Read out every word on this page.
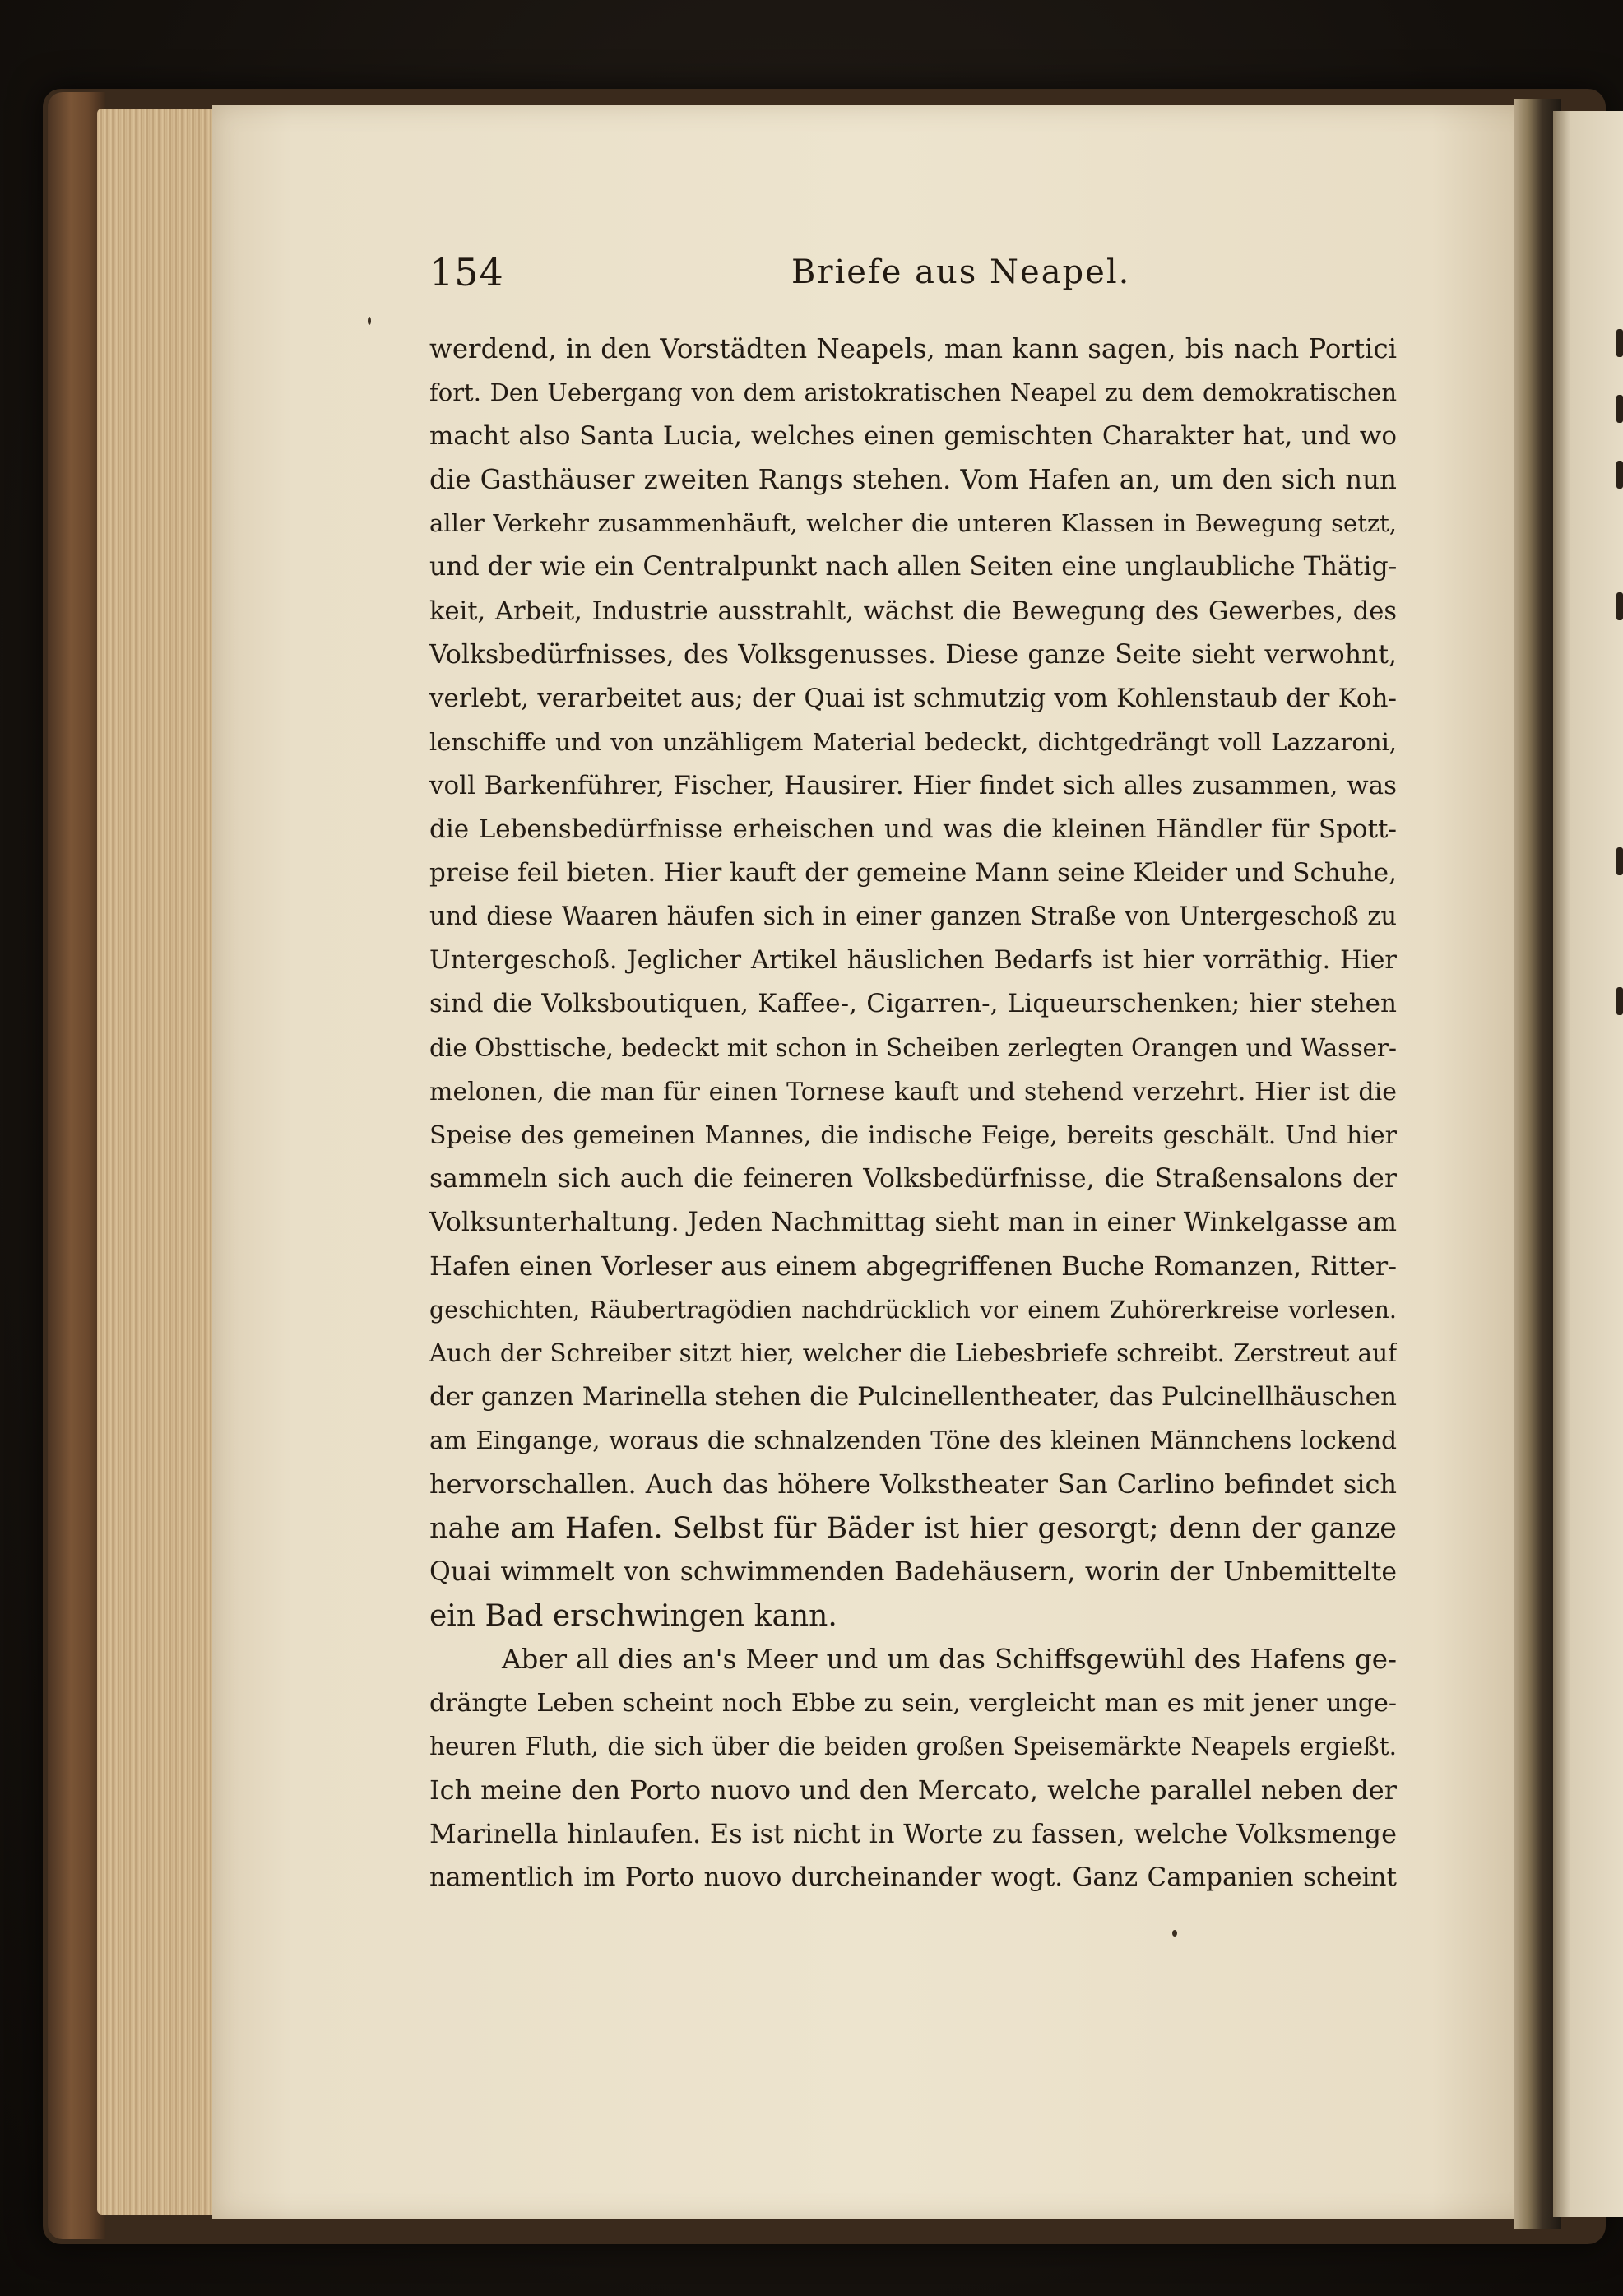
154	Briefe aus Neapel.
werdend, in den Vorstädten Neapels, man kann sagen, bis nach Portici
fort. Den Uebergang von dem aristokratischen Neapel zu dem demokratischen
macht also Santa Lucia, welches einen gemischten Charakter hat, und wo
die Gasthäuser zweiten Rangs stehen. Vom Hafen an, um den sich nun
aller Verkehr zusammenhäuft, welcher die unteren Klassen in Bewegung setzt,
und der wie ein Centralpunkt nach allen Seiten eine unglaubliche Thätig-
keit, Arbeit, Industrie ausstrahlt, wächst die Bewegung des Gewerbes, des
Volksbedürfnisses, des Volksgenusses. Diese ganze Seite sieht verwohnt,
verlebt, verarbeitet aus; der Quai ist schmutzig vom Kohlenstaub der Koh-
lenschiffe und von unzähligem Material bedeckt, dichtgedrängt voll Lazzaroni,
voll Barkenführer, Fischer, Hausirer. Hier findet sich alles zusammen, was
die Lebensbedürfnisse erheischen und was die kleinen Händler für Spott-
preise feil bieten. Hier kauft der gemeine Mann seine Kleider und Schuhe,
und diese Waaren häufen sich in einer ganzen Straße von Untergeschoß zu
Untergeschoß. Jeglicher Artikel häuslichen Bedarfs ist hier vorräthig. Hier
sind die Volksboutiquen, Kaffee-, Cigarren-, Liqueurschenken; hier stehen
die Obsttische, bedeckt mit schon in Scheiben zerlegten Orangen und Wasser-
melonen, die man für einen Tornese kauft und stehend verzehrt. Hier ist die
Speise des gemeinen Mannes, die indische Feige, bereits geschält. Und hier
sammeln sich auch die feineren Volksbedürfnisse, die Straßensalons der
Volksunterhaltung. Jeden Nachmittag sieht man in einer Winkelgasse am
Hafen einen Vorleser aus einem abgegriffenen Buche Romanzen, Ritter-
geschichten, Räubertragödien nachdrücklich vor einem Zuhörerkreise vorlesen.
Auch der Schreiber sitzt hier, welcher die Liebesbriefe schreibt. Zerstreut auf
der ganzen Marinella stehen die Pulcinellentheater, das Pulcinellhäuschen
am Eingange, woraus die schnalzenden Töne des kleinen Männchens lockend
hervorschallen. Auch das höhere Volkstheater San Carlino befindet sich
nahe am Hafen. Selbst für Bäder ist hier gesorgt; denn der ganze
Quai wimmelt von schwimmenden Badehäusern, worin der Unbemittelte
ein Bad erschwingen kann.
Aber all dies an's Meer und um das Schiffsgewühl des Hafens ge-
drängte Leben scheint noch Ebbe zu sein, vergleicht man es mit jener unge-
heuren Fluth, die sich über die beiden großen Speisemärkte Neapels ergießt.
Ich meine den Porto nuovo und den Mercato, welche parallel neben der
Marinella hinlaufen. Es ist nicht in Worte zu fassen, welche Volksmenge
namentlich im Porto nuovo durcheinander wogt. Ganz Campanien scheint
